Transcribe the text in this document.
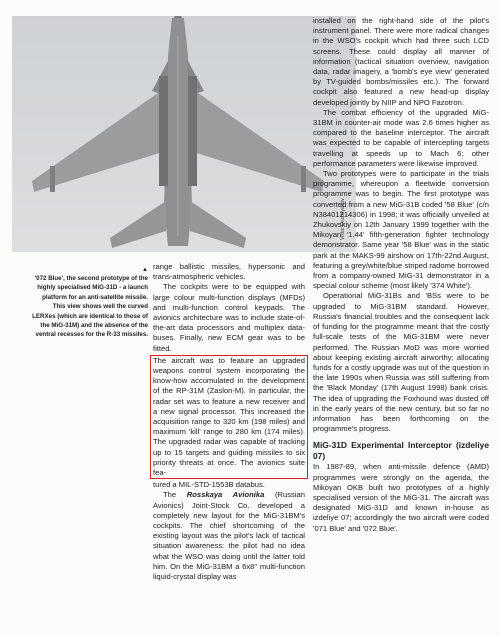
Viktor Drushlyakov
▲
'072 Blue', the second prototype of the highly specialised MiG-31D - a launch platform for an anti-satellite missile. This view shows well the curved LERXes (which are identical to those of the MiG-31M) and the absence of the ventral recesses for the R-33 missiles.

range ballistic missiles, hypersonic and trans-atmospheric vehicles.

The cockpits were to be equipped with large colour multi-function displays (MFDs) and multi-function control keypads. The avionics architecture was to include state-of-the-art data processors and multiplex data-buses. Finally, new ECM gear was to be fitted.

The aircraft was to feature an upgraded weapons control system incorporating the know-how accumulated in the development of the RP-31M (Zaslon-M). In particular, the radar set was to feature a new receiver and a new signal processor. This increased the acquisition range to 320 km (198 miles) and maximum 'kill' range to 280 km (174 miles). The upgraded radar was capable of tracking up to 15 targets and guiding missiles to six priority threats at once. The avionics suite fea-

tured a MIL-STD-1553B databus.

The Rosskaya Avionika (Russian Avionics) Joint-Stock Co. developed a completely new layout for the MiG-31BM's cockpits. The chief shortcoming of the existing layout was the pilot's lack of tactical situation awareness: the pilot had no idea what the WSO was doing until the latter told him. On the MiG-31BM a 6x8" multi-function liquid-crystal display was

installed on the right-hand side of the pilot's instrument panel. There were more radical changes in the WSO's cockpit which had three such LCD screens. These could display all manner of information (tactical situation overview, navigation data, radar imagery, a 'bomb's eye view' generated by TV-guided bombs/missiles etc.). The forward cockpit also featured a new head-up display developed jointly by NIIP and NPO Fazotron.

The combat efficiency of the upgraded MiG-31BM in counter-air mode was 2.6 times higher as compared to the baseline interceptor. The aircraft was expected to be capable of intercepting targets travelling at speeds up to Mach 6; other performance parameters were likewise improved.

Two prototypes were to participate in the trials programme, whereupon a fleetwide conversion programme was to begin. The first prototype was converted from a new MiG-31B coded '58 Blue' (c/n N38401214306) in 1998; it was officially unveiled at Zhukovskiy on 12th January 1999 together with the Mikoyan '1.44' fifth-generation fighter technology demonstrator. Same year '58 Blue' was in the static park at the MAKS-99 airshow on 17th-22nd August, featuring a grey/white/blue striped radome borrowed from a company-owned MiG-31 demonstrator in a special colour scheme (most likely '374 White').

Operational MiG-31Bs and 'BSs were to be upgraded to MiG-31BM standard. However, Russia's financial troubles and the consequent lack of funding for the programme meant that the costly full-scale tests of the MiG-31BM were never performed. The Russian MoD was more worried about keeping existing aircraft airworthy; allocating funds for a costly upgrade was out of the question in the late 1990s when Russia was still suffering from the 'Black Monday' (17th August 1998) bank crisis. The idea of upgrading the Foxhound was dusted off in the early years of the new century, but so far no information has been forthcoming on the programme's progress.

MiG-31D Experimental Interceptor (izdeliye 07)

In 1987-89, when anti-missile defence (AMD) programmes were strongly on the agenda, the Mikoyan OKB built two prototypes of a highly specialised version of the MiG-31. The aircraft was designated MiG-31D and known in-house as izdeliye 07; accordingly the two aircraft were coded '071 Blue' and '072 Blue'.
